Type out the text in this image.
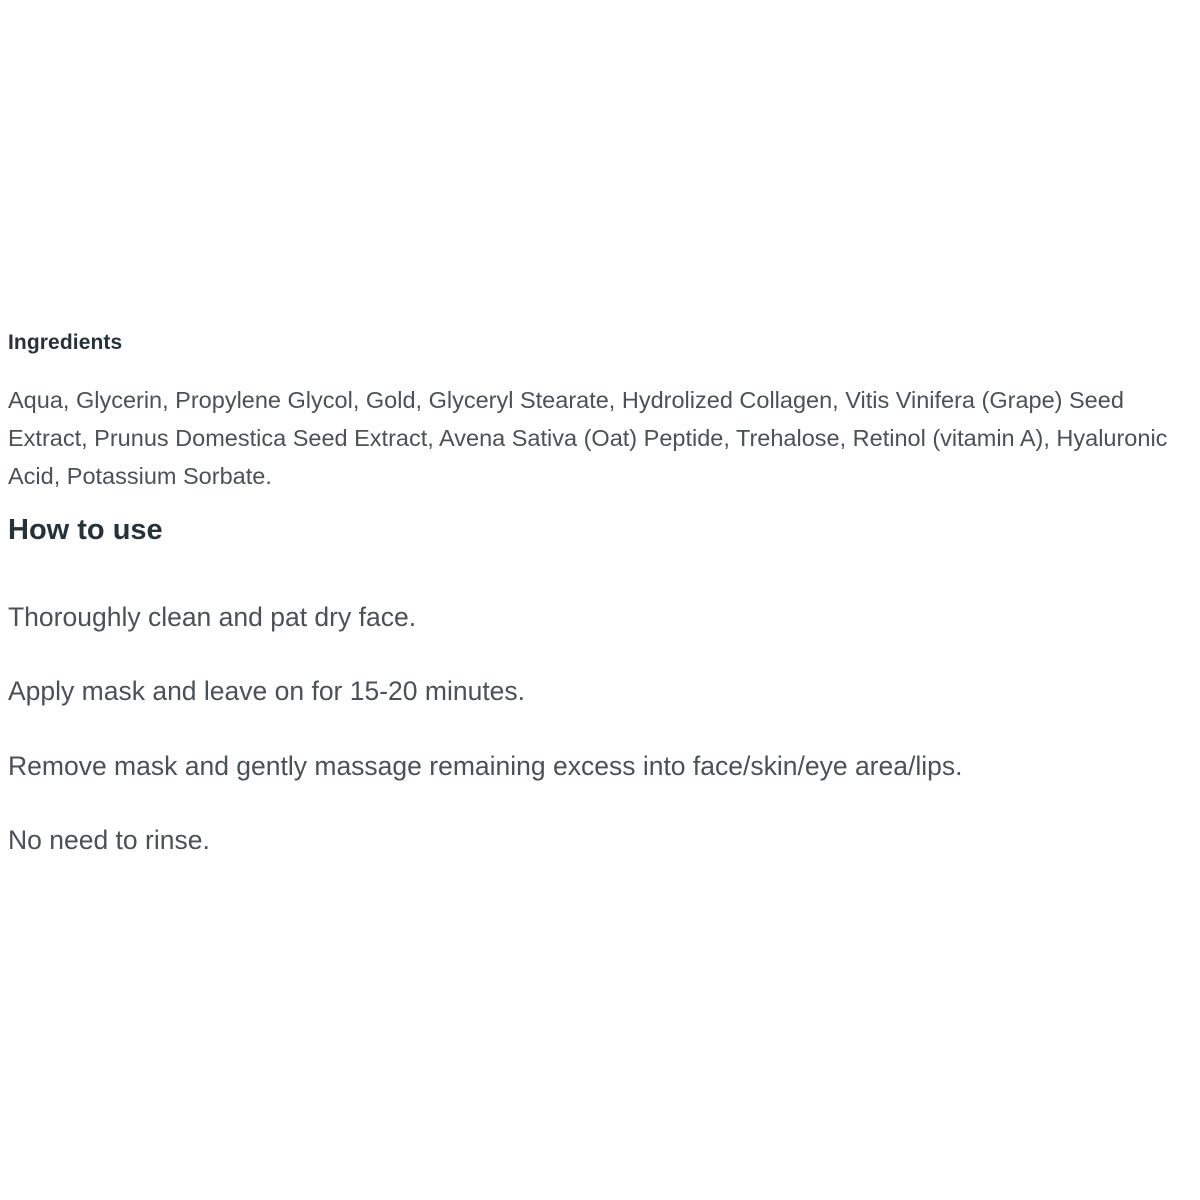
Ingredients

Aqua, Glycerin, Propylene Glycol, Gold, Glyceryl Stearate, Hydrolized Collagen, Vitis Vinifera (Grape) Seed Extract, Prunus Domestica Seed Extract, Avena Sativa (Oat) Peptide, Trehalose, Retinol (vitamin A), Hyaluronic Acid, Potassium Sorbate.

How to use

Thoroughly clean and pat dry face.

Apply mask and leave on for 15-20 minutes.

Remove mask and gently massage remaining excess into face/skin/eye area/lips.

No need to rinse.
